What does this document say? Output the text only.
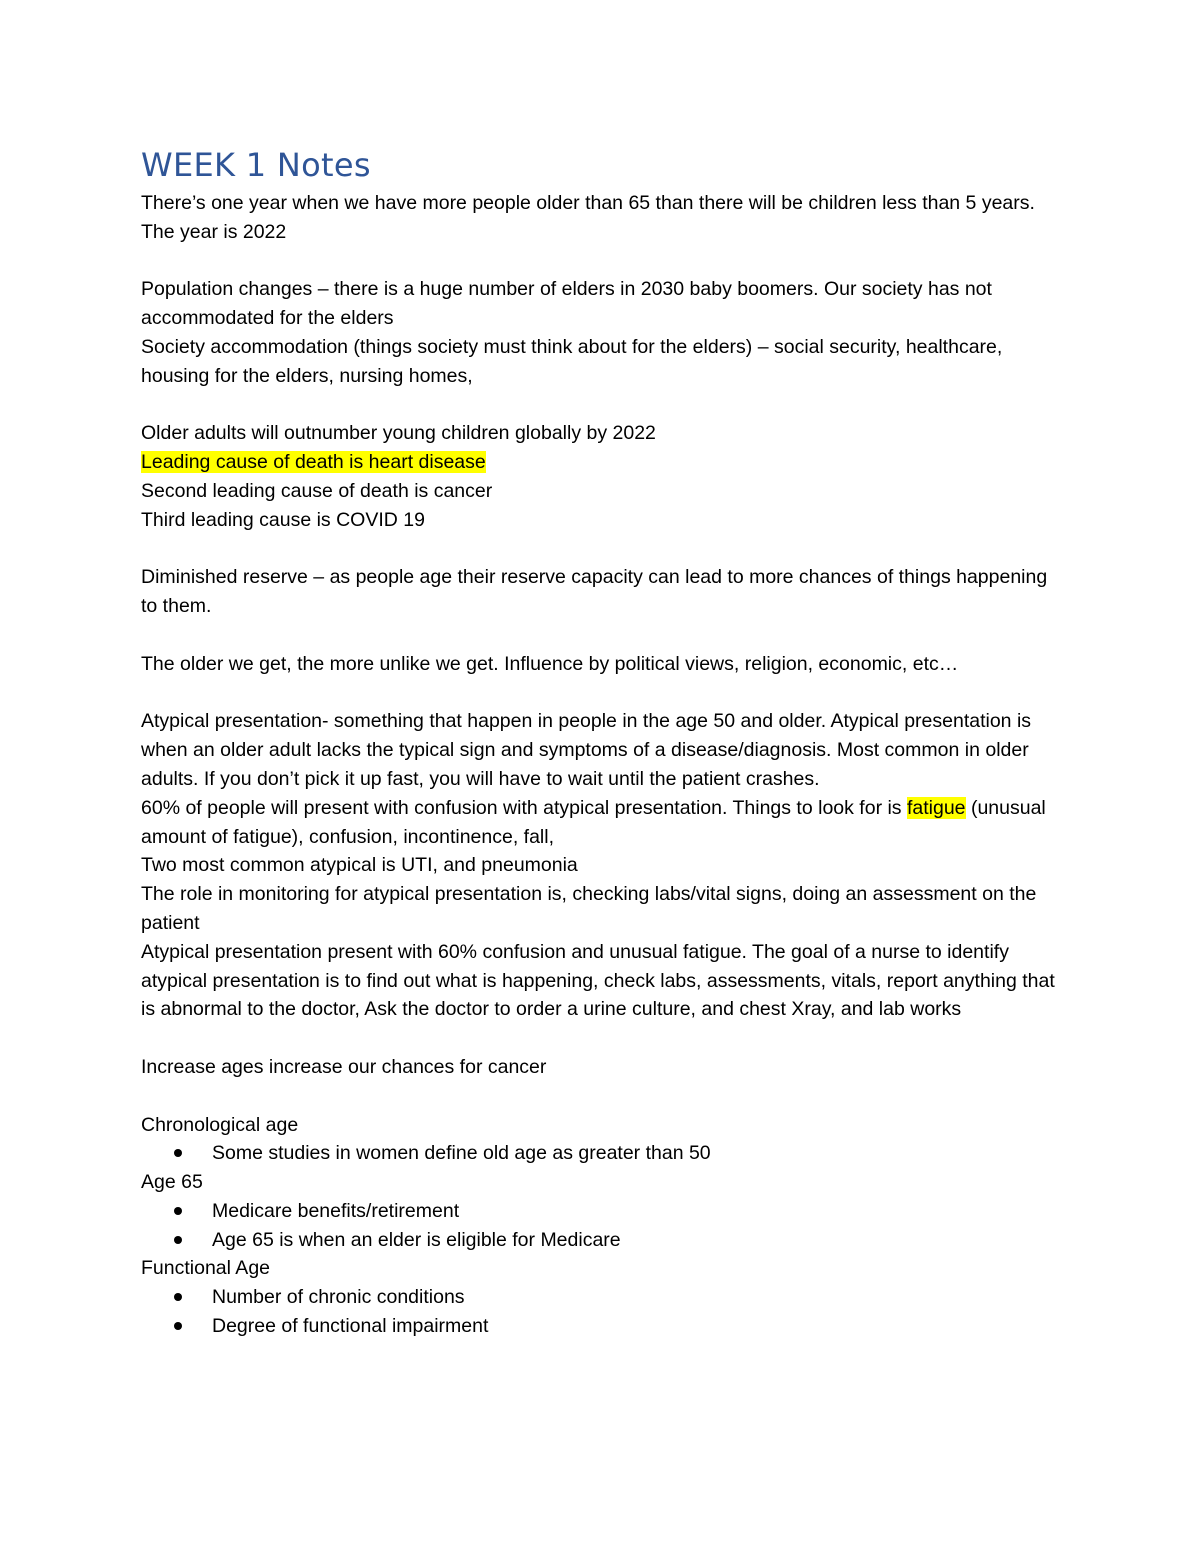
WEEK 1 Notes

There’s one year when we have more people older than 65 than there will be children less than 5 years. The year is 2022

Population changes – there is a huge number of elders in 2030 baby boomers. Our society has not accommodated for the elders

Society accommodation (things society must think about for the elders) – social security, healthcare, housing for the elders, nursing homes,

Older adults will outnumber young children globally by 2022

Leading cause of death is heart disease

Second leading cause of death is cancer

Third leading cause is COVID 19

Diminished reserve – as people age their reserve capacity can lead to more chances of things happening to them.

The older we get, the more unlike we get. Influence by political views, religion, economic, etc…

Atypical presentation- something that happen in people in the age 50 and older. Atypical presentation is when an older adult lacks the typical sign and symptoms of a disease/diagnosis. Most common in older adults. If you don’t pick it up fast, you will have to wait until the patient crashes.

60% of people will present with confusion with atypical presentation. Things to look for is fatigue (unusual amount of fatigue), confusion, incontinence, fall,

Two most common atypical is UTI, and pneumonia

The role in monitoring for atypical presentation is, checking labs/vital signs, doing an assessment on the patient

Atypical presentation present with 60% confusion and unusual fatigue. The goal of a nurse to identify atypical presentation is to find out what is happening, check labs, assessments, vitals, report anything that is abnormal to the doctor, Ask the doctor to order a urine culture, and chest Xray, and lab works

Increase ages increase our chances for cancer

Chronological age

Some studies in women define old age as greater than 50

Age 65

Medicare benefits/retirement
Age 65 is when an elder is eligible for Medicare

Functional Age

Number of chronic conditions
Degree of functional impairment
